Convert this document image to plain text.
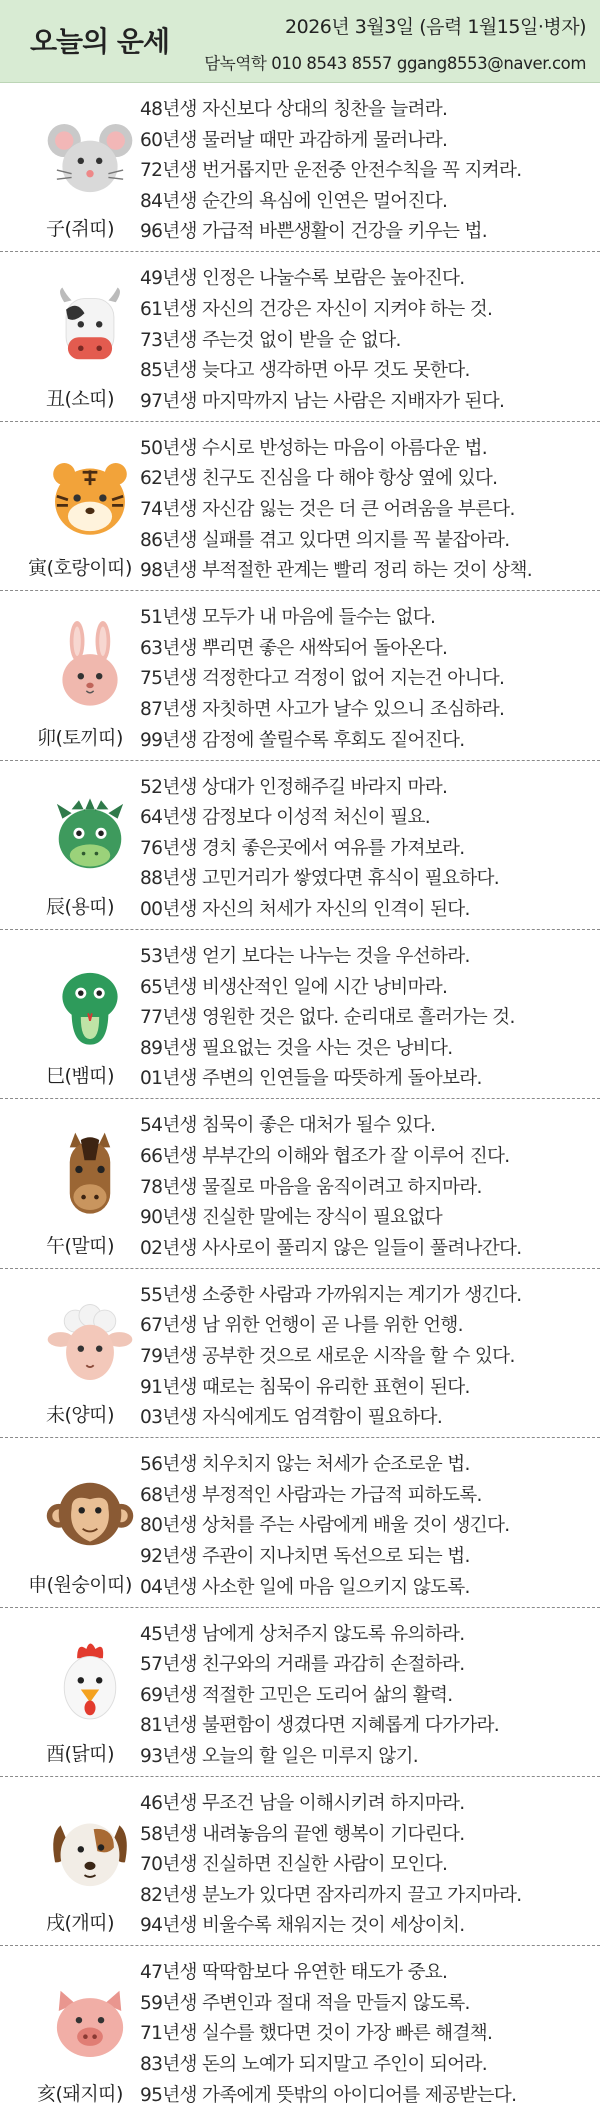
오늘의 운세	2026년 3월3일 (음력 1월15일·병자)
담녹역학 010 8543 8557 ggang8553@naver.com
子(쥐띠)
48년생 자신보다 상대의 칭찬을 늘려라.
60년생 물러날 때만 과감하게 물러나라.
72년생 번거롭지만 운전중 안전수칙을 꼭 지켜라.
84년생 순간의 욕심에 인연은 멀어진다.
96년생 가급적 바쁜생활이 건강을 키우는 법.
丑(소띠)
49년생 인정은 나눌수록 보람은 높아진다.
61년생 자신의 건강은 자신이 지켜야 하는 것.
73년생 주는것 없이 받을 순 없다.
85년생 늦다고 생각하면 아무 것도 못한다.
97년생 마지막까지 남는 사람은 지배자가 된다.
寅(호랑이띠)
50년생 수시로 반성하는 마음이 아름다운 법.
62년생 친구도 진심을 다 해야 항상 옆에 있다.
74년생 자신감 잃는 것은 더 큰 어려움을 부른다.
86년생 실패를 겪고 있다면 의지를 꼭 붙잡아라.
98년생 부적절한 관계는 빨리 정리 하는 것이 상책.
卯(토끼띠)
51년생 모두가 내 마음에 들수는 없다.
63년생 뿌리면 좋은 새싹되어 돌아온다.
75년생 걱정한다고 걱정이 없어 지는건 아니다.
87년생 자칫하면 사고가 날수 있으니 조심하라.
99년생 감정에 쏠릴수록 후회도 짙어진다.
辰(용띠)
52년생 상대가 인정해주길 바라지 마라.
64년생 감정보다 이성적 처신이 필요.
76년생 경치 좋은곳에서 여유를 가져보라.
88년생 고민거리가 쌓였다면 휴식이 필요하다.
00년생 자신의 처세가 자신의 인격이 된다.
巳(뱀띠)
53년생 얻기 보다는 나누는 것을 우선하라.
65년생 비생산적인 일에 시간 낭비마라.
77년생 영원한 것은 없다. 순리대로 흘러가는 것.
89년생 필요없는 것을 사는 것은 낭비다.
01년생 주변의 인연들을 따뜻하게 돌아보라.
午(말띠)
54년생 침묵이 좋은 대처가 될수 있다.
66년생 부부간의 이해와 협조가 잘 이루어 진다.
78년생 물질로 마음을 움직이려고 하지마라.
90년생 진실한 말에는 장식이 필요없다
02년생 사사로이 풀리지 않은 일들이 풀려나간다.
未(양띠)
55년생 소중한 사람과 가까워지는 계기가 생긴다.
67년생 남 위한 언행이 곧 나를 위한 언행.
79년생 공부한 것으로 새로운 시작을 할 수 있다.
91년생 때로는 침묵이 유리한 표현이 된다.
03년생 자식에게도 엄격함이 필요하다.
申(원숭이띠)
56년생 치우치지 않는 처세가 순조로운 법.
68년생 부정적인 사람과는 가급적 피하도록.
80년생 상처를 주는 사람에게 배울 것이 생긴다.
92년생 주관이 지나치면 독선으로 되는 법.
04년생 사소한 일에 마음 일으키지 않도록.
酉(닭띠)
45년생 남에게 상처주지 않도록 유의하라.
57년생 친구와의 거래를 과감히 손절하라.
69년생 적절한 고민은 도리어 삶의 활력.
81년생 불편함이 생겼다면 지혜롭게 다가가라.
93년생 오늘의 할 일은 미루지 않기.
戌(개띠)
46년생 무조건 남을 이해시키려 하지마라.
58년생 내려놓음의 끝엔 행복이 기다린다.
70년생 진실하면 진실한 사람이 모인다.
82년생 분노가 있다면 잠자리까지 끌고 가지마라.
94년생 비울수록 채워지는 것이 세상이치.
亥(돼지띠)
47년생 딱딱함보다 유연한 태도가 중요.
59년생 주변인과 절대 적을 만들지 않도록.
71년생 실수를 했다면 것이 가장 빠른 해결책.
83년생 돈의 노예가 되지말고 주인이 되어라.
95년생 가족에게 뜻밖의 아이디어를 제공받는다.
